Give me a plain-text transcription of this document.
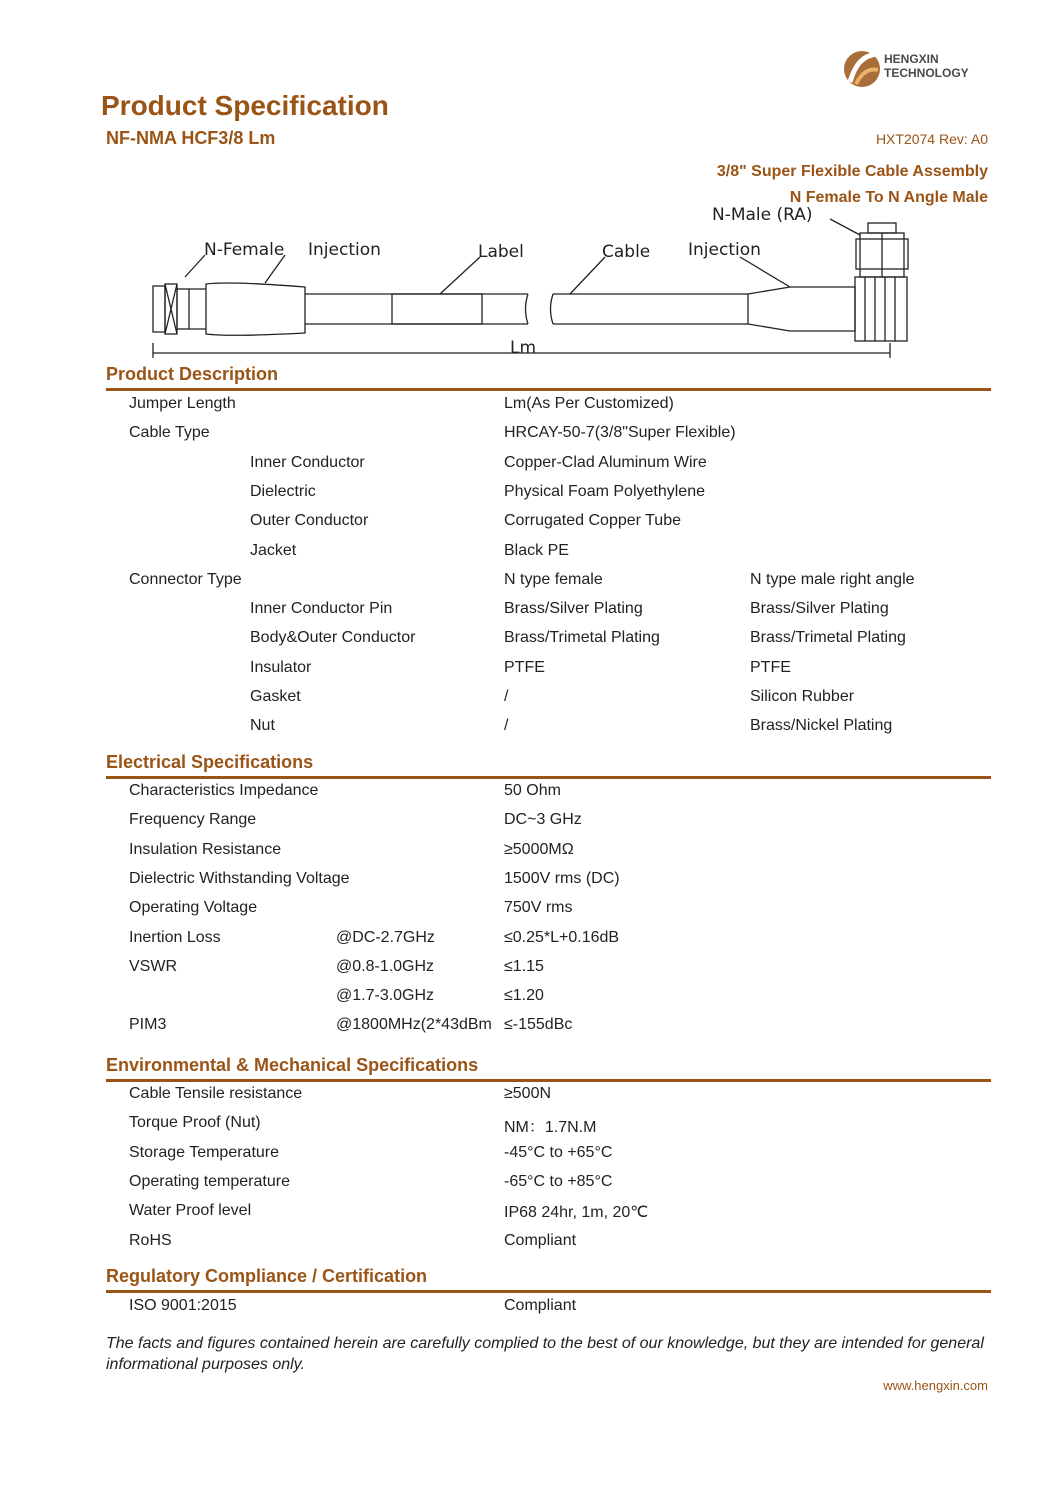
HENGXIN
TECHNOLOGY
Product Specification
NF-NMA HCF3/8 Lm	HXT2074 Rev: A0
3/8" Super Flexible Cable Assembly
N-Female Injection	Label	Cable Injection
N-Male (RA)
Lm
N Female To N Angle Male
Product Description
Jumper Length	Lm(As Per Customized)
Cable Type	HRCAY-50-7(3/8"Super Flexible)
Inner Conductor	Copper-Clad Aluminum Wire
Dielectric	Physical Foam Polyethylene
Outer Conductor	Corrugated Copper Tube
Jacket	Black PE
Connector Type	N type female	N type male right angle
Inner Conductor Pin	Brass/Silver Plating	Brass/Silver Plating
Body&Outer Conductor	Brass/Trimetal Plating	Brass/Trimetal Plating
Insulator	PTFE	PTFE
Gasket	/	Silicon Rubber
Nut	/	Brass/Nickel Plating
Electrical Specifications
Characteristics Impedance	50 Ohm
Frequency Range	DC~3 GHz
Insulation Resistance	≥5000MΩ
Dielectric Withstanding Voltage	1500V rms (DC)
Operating Voltage	750V rms
Inertion Loss	@DC-2.7GHz	≤0.25*L+0.16dB
VSWR	@0.8-1.0GHz	≤1.15
@1.7-3.0GHz	≤1.20
PIM3	@1800MHz(2*43dBm ≤-155dBc
Environmental & Mechanical Specifications
Cable Tensile resistance	≥500N
Torque Proof (Nut)	NM：1.7N.M
Storage Temperature	-45°C to +65°C
Operating temperature	-65°C to +85°C
Water Proof level	IP68 24hr, 1m, 20℃
RoHS	Compliant
Regulatory Compliance / Certification
ISO 9001:2015	Compliant
The facts and figures contained herein are carefully complied to the best of our knowledge, but they are intended for general informational purposes only.
www.hengxin.com
